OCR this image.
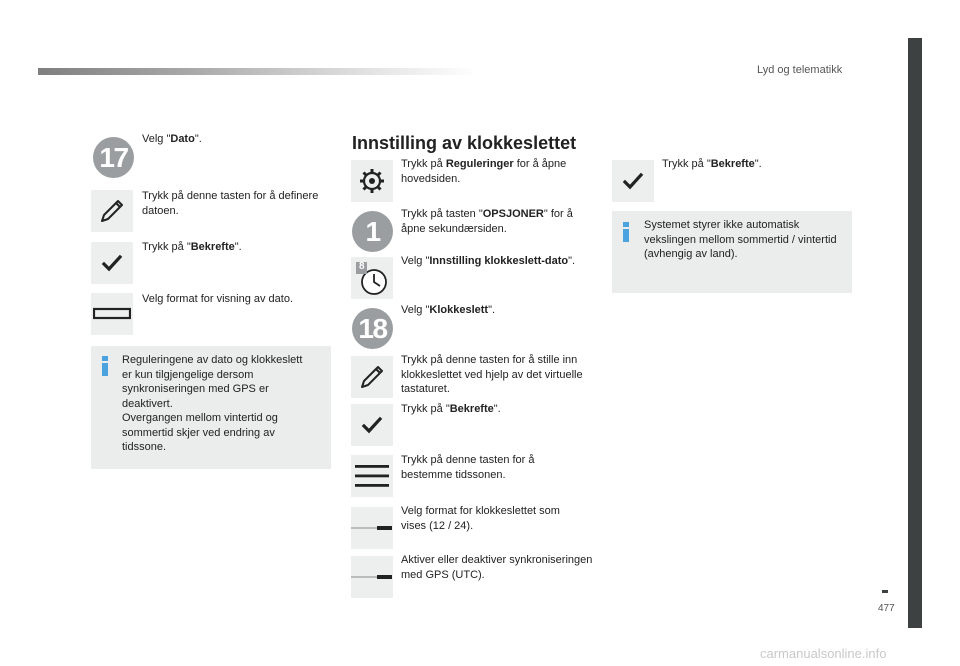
Lyd og telematikk
477
carmanualsonline.info
17
Velg "Dato".
Trykk på denne tasten for å definere datoen.
Trykk på "Bekrefte".
Velg format for visning av dato.
Reguleringene av dato og klokkeslett
er kun tilgjengelige dersom
synkroniseringen med GPS er
deaktivert.
Overgangen mellom vintertid og
sommertid skjer ved endring av
tidssone.
Innstilling av klokkeslettet
Trykk på Reguleringer for å åpne hovedsiden.
1
Trykk på tasten "OPSJONER" for å åpne sekundærsiden.
8	Velg "Innstilling klokkeslett-dato".
18
Velg "Klokkeslett".
Trykk på denne tasten for å stille inn klokkeslettet ved hjelp av det virtuelle tastaturet.
Trykk på "Bekrefte".
Trykk på denne tasten for å bestemme tidssonen.
Velg format for klokkeslettet som vises (12 / 24).
Aktiver eller deaktiver synkroniseringen med GPS (UTC).
Trykk på "Bekrefte".
Systemet styrer ikke automatisk
vekslingen mellom sommertid / vintertid
(avhengig av land).
